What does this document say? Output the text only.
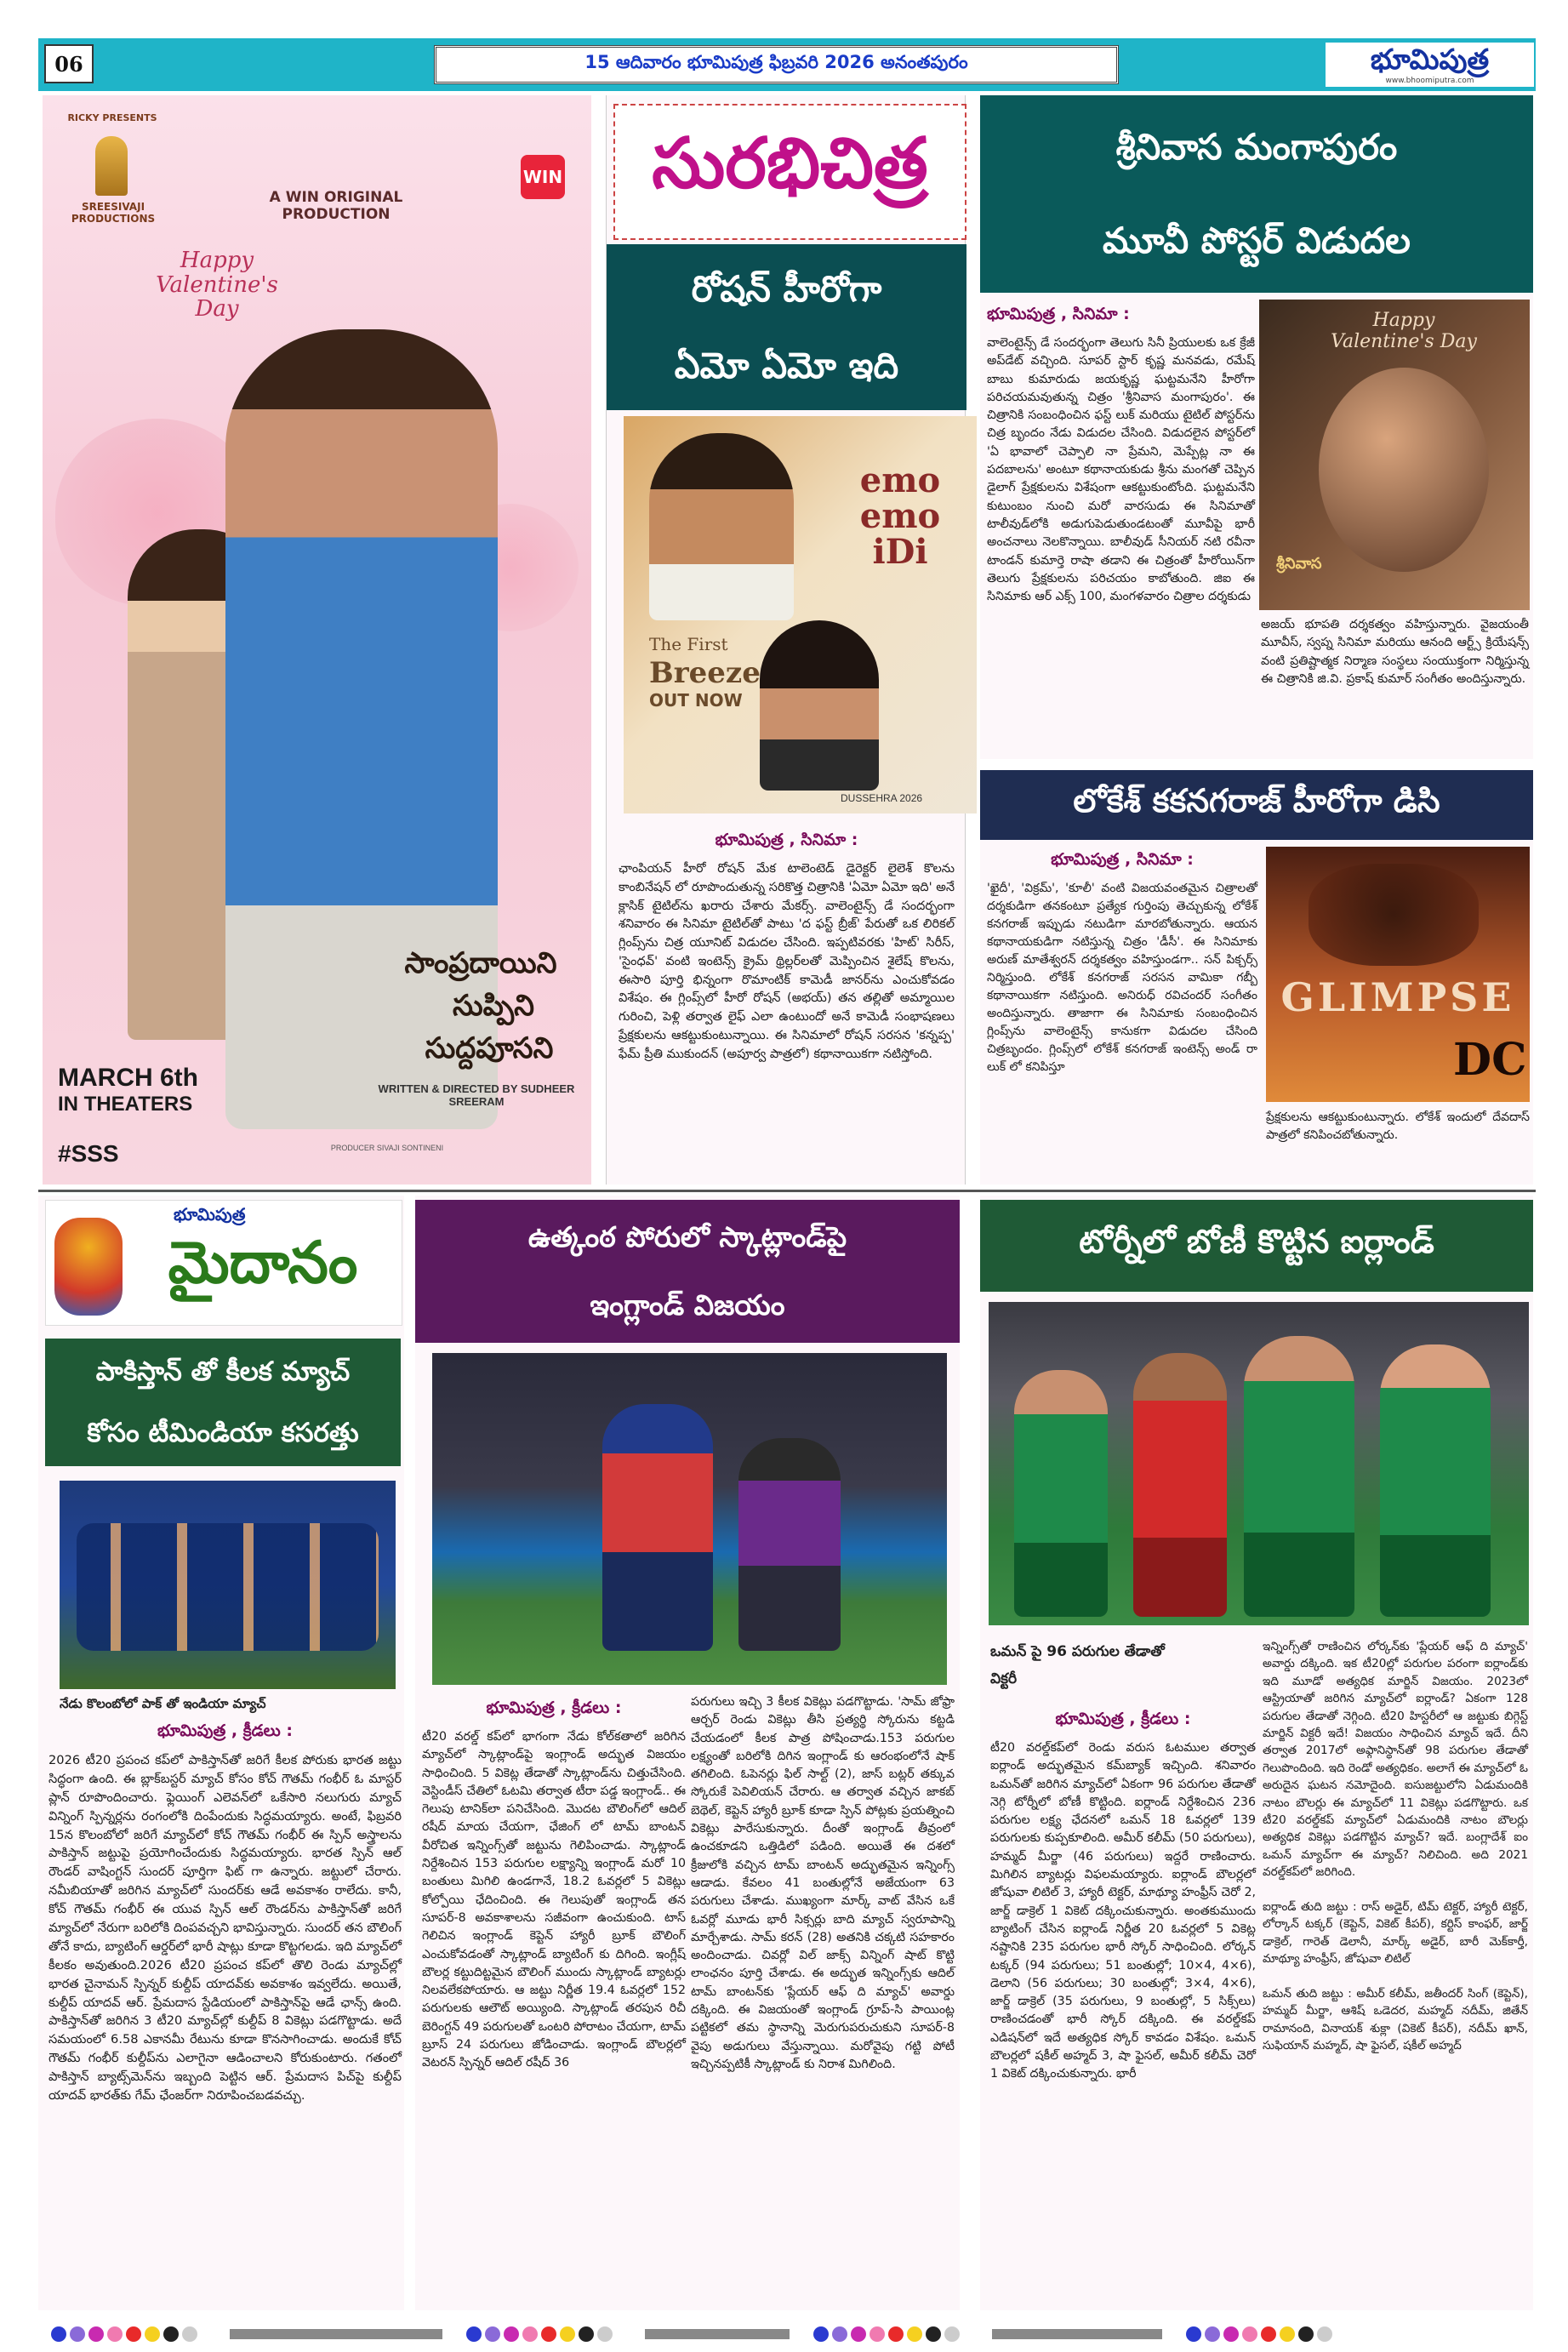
06	15 ఆదివారం భూమిపుత్ర ఫిబ్రవరి 2026 అనంతపురం	భూమిపుత్ర
www.bhoomiputra.com
RICKY PRESENTS
SREESIVAJI PRODUCTIONS
A WIN ORIGINAL PRODUCTION
WIN
Happy Valentine's Day
సాంప్రదాయిని
సుప్పిని
సుద్దపూసని
MARCH 6th
IN THEATERS
#SSS
WRITTEN & DIRECTED BY SUDHEER SREERAM
PRODUCER SIVAJI SONTINENI
సురభిచిత్ర
రోషన్ హీరోగా
ఏమో ఏమో ఇది
emo emo iDi
The First
Breeze
OUT NOW
DUSSEHRA 2026
భూమిపుత్ర , సినిమా :
ఛాంపియన్ హీరో రోషన్ మేక టాలెంటెడ్ డైరెక్టర్ లైలెశ్ కొలను కాంబినేషన్ లో రూపొందుతున్న సరికొత్త చిత్రానికి 'ఏమో ఏమో ఇది' అనే క్లాసిక్ టైటిల్‌ను ఖరారు చేశారు మేకర్స్. వాలెంటైన్స్ డే సందర్భంగా శనివారం ఈ సినిమా టైటిల్‌తో పాటు 'ద ఫస్ట్ బ్రీజ్' పేరుతో ఒక లిరికల్ గ్లింప్స్‌ను చిత్ర యూనిట్ విడుదల చేసింది. ఇప్పటివరకు 'హిట్' సిరీస్, 'సైంధవ్' వంటి ఇంటెన్స్ క్రైమ్ థ్రిల్లర్‌లతో మెప్పించిన శైలేష్ కొలను, ఈసారి పూర్తి భిన్నంగా రొమాంటిక్ కామెడీ జానర్‌ను ఎంచుకోవడం విశేషం. ఈ గ్లింప్స్‌లో హీరో రోషన్ (అభయ్) తన తల్లితో అమ్మాయిల గురించి, పెళ్లి తర్వాత లైఫ్ ఎలా ఉంటుందో అనే కామెడీ సంభాషణలు ప్రేక్షకులను ఆకట్టుకుంటున్నాయి. ఈ సినిమాలో రోషన్ సరసన 'కన్నప్ప' ఫేమ్ ప్రీతి ముకుందన్ (అపూర్వ పాత్రలో) కథానాయికగా నటిస్తోంది.
శ్రీనివాస మంగాపురం
మూవీ పోస్టర్ విడుదల
భూమిపుత్ర , సినిమా :
వాలెంటైన్స్ డే సందర్భంగా తెలుగు సినీ ప్రియులకు ఒక క్రేజీ అప్‌డేట్ వచ్చింది. సూపర్ స్టార్ కృష్ణ మనవడు, రమేష్ బాబు కుమారుడు జయకృష్ణ ఘట్టమనేని హీరోగా పరిచయమవుతున్న చిత్రం 'శ్రీనివాస మంగాపురం'. ఈ చిత్రానికి సంబంధించిన ఫస్ట్ లుక్ మరియు టైటిల్ పోస్టర్‌ను చిత్ర బృందం నేడు విడుదల చేసింది. విడుదలైన పోస్టర్‌లో 'ఏ భావాలో చెప్పాలి నా ప్రేమని, మెప్పేట్ల నా ఈ పదబాలను' అంటూ కథానాయకుడు శ్రీను మంగతో చెప్పిన డైలాగ్ ప్రేక్షకులను విశేషంగా ఆకట్టుకుంటోంది. ఘట్టమనేని కుటుంబం నుంచి మరో వారసుడు ఈ సినిమాతో టాలీవుడ్‌లోకి అడుగుపెడుతుండటంతో మూవీపై భారీ అంచనాలు నెలకొన్నాయి. బాలీవుడ్ సీనియర్ నటి రవీనా టాండన్ కుమార్తె రాషా తడాని ఈ చిత్రంతో హీరోయిన్‌గా తెలుగు ప్రేక్షకులను పరిచయం కాబోతుంది. జిఐ ఈ సినిమాకు ఆర్ ఎక్స్ 100, మంగళవారం చిత్రాల దర్శకుడు
Happy Valentine's Day
శ్రీనివాస
అజయ్ భూపతి దర్శకత్వం వహిస్తున్నారు. వైజయంతీ మూవీస్, స్వప్న సినిమా మరియు ఆనంది ఆర్ట్స్ క్రియేషన్స్ వంటి ప్రతిష్టాత్మక నిర్మాణ సంస్థలు సంయుక్తంగా నిర్మిస్తున్న ఈ చిత్రానికి జి.వి. ప్రకాష్ కుమార్ సంగీతం అందిస్తున్నారు.
లోకేశ్ కకనగరాజ్ హీరోగా డిసి
భూమిపుత్ర , సినిమా :
'ఖైదీ', 'విక్రమ్', 'కూలీ' వంటి విజయవంతమైన చిత్రాలతో దర్శకుడిగా తనకంటూ ప్రత్యేక గుర్తింపు తెచ్చుకున్న లోకేశ్ కనగరాజ్ ఇప్పుడు నటుడిగా మారబోతున్నారు. ఆయన కథానాయకుడిగా నటిస్తున్న చిత్రం 'డీసీ'. ఈ సినిమాకు అరుణ్ మాతేశ్వరన్ దర్శకత్వం వహిస్తుండగా.. సన్ పిక్చర్స్ నిర్మిస్తుంది. లోకేశ్ కనగరాజ్ సరసన వామికా గబ్బీ కథానాయికగా నటిస్తుంది. అనిరుధ్ రవిచందర్ సంగీతం అందిస్తున్నారు. తాజాగా ఈ సినిమాకు సంబంధించిన గ్లింప్స్‌ను వాలెంటైన్స్ కానుకగా విడుదల చేసింది చిత్రబృందం. గ్లింప్స్‌లో లోకేశ్ కనగరాజ్ ఇంటెన్స్ అండ్ రా లుక్ లో కనిపిస్తూ
GLIMPSE
DC
ప్రేక్షకులను ఆకట్టుకుంటున్నారు. లోకేశ్ ఇందులో దేవదాస్ పాత్రలో కనిపించబోతున్నారు.
భూమిపుత్ర
మైదానం
పాకిస్తాన్ తో కీలక మ్యాచ్
కోసం టీమిండియా కసరత్తు
నేడు కొలంబోలో పాక్ తో ఇండియా మ్యాచ్
భూమిపుత్ర , క్రీడలు :
2026 టీ20 ప్రపంచ కప్‌లో పాకిస్తాన్‌తో జరిగే కీలక పోరుకు భారత జట్టు సిద్ధంగా ఉంది. ఈ బ్లాక్‌బస్టర్ మ్యాచ్ కోసం కోచ్ గౌతమ్ గంభీర్ ఓ మాస్టర్ ప్లాన్ రూపొందించారు. ఫ్లెయింగ్ ఎలెవన్‌లో ఒకేసారి నలుగురు మ్యాచ్ విన్నింగ్ స్పిన్నర్లను రంగంలోకి దింపేందుకు సిద్ధమయ్యారు. అంటే, ఫిబ్రవరి 15న కొలంబోలో జరిగే మ్యాచ్‌లో కోచ్ గౌతమ్ గంభీర్ ఈ స్పిన్ అస్త్రాలను పాకిస్తాన్ జట్టుపై ప్రయోగించేందుకు సిద్ధమయ్యారు. భారత స్పిన్ ఆల్ రౌండర్ వాషింగ్టన్ సుందర్ పూర్తిగా ఫిట్ గా ఉన్నారు. జట్టులో చేరారు. నమీబియాతో జరిగిన మ్యాచ్‌లో సుందర్‌కు ఆడే అవకాశం రాలేదు. కానీ, కోచ్ గౌతమ్ గంభీర్ ఈ యువ స్పిన్ ఆల్ రౌండర్‌ను పాకిస్తాన్‌తో జరిగే మ్యాచ్‌లో నేరుగా బరిలోకి దింపవచ్చని భావిస్తున్నారు. సుందర్ తన బౌలింగ్ తోనే కాదు, బ్యాటింగ్ ఆర్డర్‌లో భారీ షాట్లు కూడా కొట్టగలడు. ఇది మ్యాచ్‌లో కీలకం అవుతుంది.2026 టీ20 ప్రపంచ కప్‌లో తొలి రెండు మ్యాచ్‌ల్లో భారత చైనామన్ స్పిన్నర్ కుల్దీప్ యాదవ్‌కు అవకాశం ఇవ్వలేదు. అయితే, కుల్దీప్ యాదవ్ ఆర్. ప్రేమదాస స్టేడియంలో పాకిస్తాన్‌పై ఆడే ఛాన్స్ ఉంది. పాకిస్తాన్‌తో జరిగిన 3 టీ20 మ్యాచ్‌ల్లో కుల్దీప్ 8 వికెట్లు పడగొట్టాడు. అదే సమయంలో 6.58 ఎకానమీ రేటును కూడా కొనసాగించాడు. అందుకే కోచ్ గౌతమ్ గంభీర్ కుల్దీప్‌ను ఎలాగైనా ఆడించాలని కోరుకుంటారు. గతంలో పాకిస్తాన్ బ్యాట్స్‌మెన్‌ను ఇబ్బంది పెట్టిన ఆర్. ప్రేమదాస పిచ్‌పై కుల్దీప్ యాదవ్ భారత్‌కు గేమ్ ఛేంజర్‌గా నిరూపించబడవచ్చు.
ఉత్కంఠ పోరులో స్కాట్లాండ్‌పై
ఇంగ్లాండ్ విజయం
భూమిపుత్ర , క్రీడలు :
టీ20 వరల్డ్ కప్‌లో భాగంగా నేడు కోల్‌కతాలో జరిగిన మ్యాచ్‌లో స్కాట్లాండ్‌పై ఇంగ్లాండ్ అద్భుత విజయం సాధించింది. 5 వికెట్ల తేడాతో స్కాట్లాండ్‌ను చిత్తుచేసింది. వెస్టిండీస్ చేతిలో ఓటమి తర్వాత టీరా పడ్డ ఇంగ్లాండ్.. ఈ గెలుపు టానిక్‌లా పనిచేసింది. మొదట బౌలింగ్‌లో ఆదిల్ రషీద్ మాయ చేయగా, ఛేజింగ్ లో టామ్ బాంటన్ వీరోచిత ఇన్నింగ్స్‌తో జట్టును గెలిపించాడు. స్కాట్లాండ్ నిర్దేశించిన 153 పరుగుల లక్ష్యాన్ని ఇంగ్లాండ్ మరో 10 బంతులు మిగిలి ఉండగానే, 18.2 ఓవర్లలో 5 వికెట్లు కోల్పోయి ఛేదించింది. ఈ గెలుపుతో ఇంగ్లాండ్ తన సూపర్-8 అవకాశాలను సజీవంగా ఉంచుకుంది. టాస్ గెలిచిన ఇంగ్లాండ్ కెప్టెన్ హ్యారీ బ్రూక్ బౌలింగ్ ఎంచుకోవడంతో స్కాట్లాండ్ బ్యాటింగ్ కు దిగింది. ఇంగ్లీష్ బౌలర్ల కట్టుదిట్టమైన బౌలింగ్ ముందు స్కాట్లాండ్ బ్యాటర్లు నిలవలేకపోయారు. ఆ జట్టు నిర్ణీత 19.4 ఓవర్లలో 152 పరుగులకు ఆలౌట్ అయ్యింది. స్కాట్లాండ్ తరపున రిచీ బెరింగ్టన్ 49 పరుగులతో ఒంటరి పోరాటం చేయగా, టామ్ బ్రూస్ 24 పరుగులు జోడించాడు. ఇంగ్లాండ్ బౌలర్లలో వెటరన్ స్పిన్నర్ ఆదిల్ రషీద్ 36
పరుగులు ఇచ్చి 3 కీలక వికెట్లు పడగొట్టాడు. 'సామ్ జోఫ్రా ఆర్చర్ రెండు వికెట్లు తీసి ప్రత్యర్థి స్కోరును కట్టడి చేయడంలో కీలక పాత్ర పోషించాడు.153 పరుగుల లక్ష్యంతో బరిలోకి దిగిన ఇంగ్లాండ్ కు ఆరంభంలోనే షాక్ తగిలింది. ఓపెనర్లు ఫిల్ సాల్ట్ (2), జాస్ బట్లర్ తక్కువ స్కోరుకే పెవిలియన్ చేరారు. ఆ తర్వాత వచ్చిన జాకబ్ బెథెల్, కెప్టెన్ హ్యారీ బ్రూక్ కూడా స్పిన్ పోట్లకు ప్రయత్నించి వికెట్లు పారేసుకున్నారు. దీంతో ఇంగ్లాండ్ తీవ్రంలో ఉంచకూడని ఒత్తిడిలో పడింది. అయితే ఈ దశలో క్రీజులోకి వచ్చిన టామ్ బాంటన్ అద్భుతమైన ఇన్నింగ్స్ ఆడాడు. కేవలం 41 బంతుల్లోనే అజేయంగా 63 పరుగులు చేశాడు. ముఖ్యంగా మార్క్ వాట్ వేసిన ఒకే ఓవర్లో మూడు భారీ సిక్సర్లు బాది మ్యాచ్ స్వరూపాన్ని మార్చేశాడు. సామ్ కరన్ (28) అతనికి చక్కటి సహకారం అందించాడు. చివర్లో విల్ జాక్స్ విన్నింగ్ షాట్ కొట్టి లాంఛనం పూర్తి చేశాడు. ఈ అద్భుత ఇన్నింగ్స్‌కు ఆదిల్ టామ్ బాంటన్‌కు 'ప్లేయర్ ఆఫ్ ది మ్యాచ్' అవార్డు దక్కింది. ఈ విజయంతో ఇంగ్లాండ్ గ్రూప్-సి పాయింట్ల పట్టికలో తమ స్థానాన్ని మెరుగుపరుచుకుని సూపర్-8 వైపు అడుగులు వేస్తున్నాయి. మరోవైపు గట్టి పోటీ ఇచ్చినప్పటికీ స్కాట్లాండ్ కు నిరాశ మిగిలింది.
టోర్నీలో బోణీ కొట్టిన ఐర్లాండ్
ఒమన్ పై 96 పరుగుల తేడాతో
విక్టరీ
భూమిపుత్ర , క్రీడలు :
టీ20 వరల్డ్‌కప్‌లో రెండు వరుస ఓటముల తర్వాత ఐర్లాండ్ అద్భుతమైన కమ్‌బ్యాక్ ఇచ్చింది. శనివారం ఒమన్‌తో జరిగిన మ్యాచ్‌లో ఏకంగా 96 పరుగుల తేడాతో నెగ్గి టోర్నీలో బోణీ కొట్టింది. ఐర్లాండ్ నిర్దేశించిన 236 పరుగుల లక్ష్య ఛేదనలో ఒమన్ 18 ఓవర్లలో 139 పరుగులకు కుప్పకూలింది. అమీర్ కలీమ్ (50 పరుగులు), హమ్మద్ మీర్జా (46 పరుగులు) ఇద్దరే రాణించారు. మిగిలిన బ్యాటర్లు విఫలమయ్యారు. ఐర్లాండ్ బౌలర్లలో జోషువా లిటిల్ 3, హ్యారీ టెక్టర్, మాథ్యూ హంఫ్రీస్ చెరో 2, జార్జ్ డాక్రెల్ 1 వికెట్ దక్కించుకున్నారు. అంతకుముందు బ్యాటింగ్ చేసిన ఐర్లాండ్ నిర్ణీత 20 ఓవర్లలో 5 వికెట్ల నష్టానికి 235 పరుగుల భారీ స్కోర్ సాధించింది. లోర్కన్ టక్కర్ (94 పరుగులు; 51 బంతుల్లో; 10×4, 4×6), డెలాని (56 పరుగులు; 30 బంతుల్లో; 3×4, 4×6), జార్జ్ డాక్రెల్ (35 పరుగులు, 9 బంతుల్లో, 5 సిక్స్‌లు) రాణించడంతో భారీ స్కోర్ దక్కింది. ఈ వరల్డ్‌కప్ ఎడిషన్‌లో ఇదే అత్యధిక స్కోర్ కావడం విశేషం. ఒమన్ బౌలర్లలో షకీల్ అహ్మద్ 3, షా ఫైసల్, అమీర్ కలీమ్ చెరో 1 వికెట్ దక్కించుకున్నారు. భారీ
ఇన్నింగ్స్‌తో రాణించిన లోర్కన్‌కు 'ప్లేయర్ ఆఫ్ ది మ్యాచ్' అవార్డు దక్కింది. ఇక టీ20ల్లో పరుగుల పరంగా ఐర్లాండ్‌కు ఇది మూడో అత్యధిక మార్జిన్ విజయం. 2023లో ఆస్ట్రియాతో జరిగిన మ్యాచ్‌లో ఐర్లాండ్? ఏకంగా 128 పరుగుల తేడాతో నెగ్గింది. టీ20 హిస్టరీలో ఆ జట్టుకు బిగ్గెస్ట్ మార్జిన్ విక్టరీ ఇదే! విజయం సాధించిన మ్యాచ్ ఇదే. దీని తర్వాత 2017లో అఫ్గానిస్థాన్‌తో 98 పరుగుల తేడాతో గెలుపొందింది. ఇది రెండో అత్యధికం. అలాగే ఈ మ్యాచ్‌లో ఓ అరుదైన ఘటన నమోదైంది. ఐసుజట్టులోని ఏడుమందికి నాటం బౌలర్లు ఈ మ్యాచ్‌లో 11 వికెట్లు పడగొట్టారు. ఒక టీ20 వరల్డ్‌కప్ మ్యాచ్‌లో ఏడుమందికి నాటం బౌలర్లు అత్యధిక వికెట్లు పడగొట్టిన మ్యాచ్? ఇదే. బంగ్లాదేశ్ ఐం ఒమన్ మ్యాచ్‌గా ఈ మ్యాచ్? నిలిచింది. అది 2021 వరల్డ్‌కప్‌లో జరిగింది.

ఐర్లాండ్ తుది జట్టు : రాస్ అడైర్, టిమ్ టెక్టర్, హ్యారీ టెక్టర్, లోర్కాన్ టక్కర్ (కెప్టెన్, వికెట్ కీపర్), కర్టిస్ కాంఫర్, జార్జ్ డాక్రెల్, గారెత్ డెలానీ, మార్క్ అడైర్, బారీ మెక్‌కార్తీ, మాథ్యూ హంఫ్రీస్, జోషువా లిటిల్

ఒమన్ తుది జట్టు : అమీర్ కలీమ్, జతీందర్ సింగ్ (కెప్టెన్), హమ్మద్ మీర్జా, ఆశిష్ ఒడెదర, మహ్మద్ నదీమ్, జితేన్ రామానంది, వినాయక్ శుక్లా (వికెట్ కీపర్), నదీమ్ ఖాన్, సుఫియాన్ మహ్మద్, షా ఫైసల్, షకీల్ అహ్మద్
